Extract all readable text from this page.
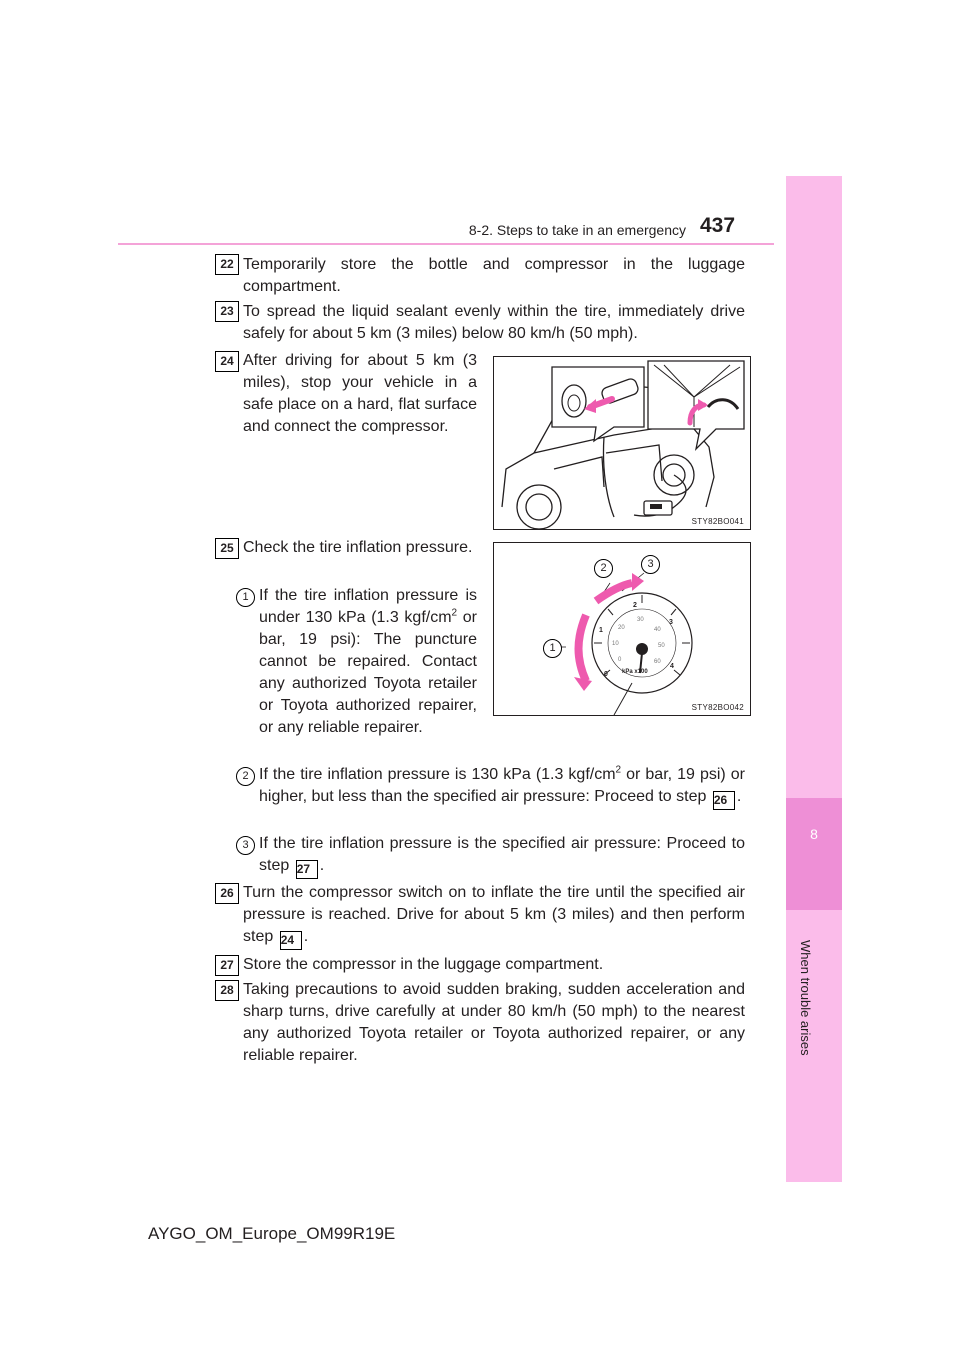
8-2. Steps to take in an emergency 437
8
When trouble arises
22 Temporarily store the bottle and compressor in the luggage compartment.
23 To spread the liquid sealant evenly within the tire, immediately drive safely for about 5 km (3 miles) below 80 km/h (50 mph).
24 After driving for about 5 km (3 miles), stop your vehicle in a safe place on a hard, flat surface and connect the compressor.
STY82BO041
25 Check the tire inflation pressure.
1 If the tire inflation pressure is under 130 kPa (1.3 kgf/$cm^2$ or bar, 19 psi): The puncture cannot be repaired. Contact any authorized Toyota retailer or Toyota authorized repairer, or any reliable repairer.
2	3
1
0
1
2
3
4
0
10
20
30
40
50
60
kPa x100
STY82BO042
2 If the tire inflation pressure is 130 kPa (1.3 kgf/$cm^2$ or bar, 19 psi) or higher, but less than the specified air pressure: Proceed to step 26 .
3 If the tire inflation pressure is the specified air pressure: Proceed to step 27 .
26 Turn the compressor switch on to inflate the tire until the specified air pressure is reached. Drive for about 5 km (3 miles) and then perform step 24 .
27 Store the compressor in the luggage compartment.
28 Taking precautions to avoid sudden braking, sudden acceleration and sharp turns, drive carefully at under 80 km/h (50 mph) to the nearest any authorized Toyota retailer or Toyota authorized repairer, or any reliable repairer.
AYGO_OM_Europe_OM99R19E
